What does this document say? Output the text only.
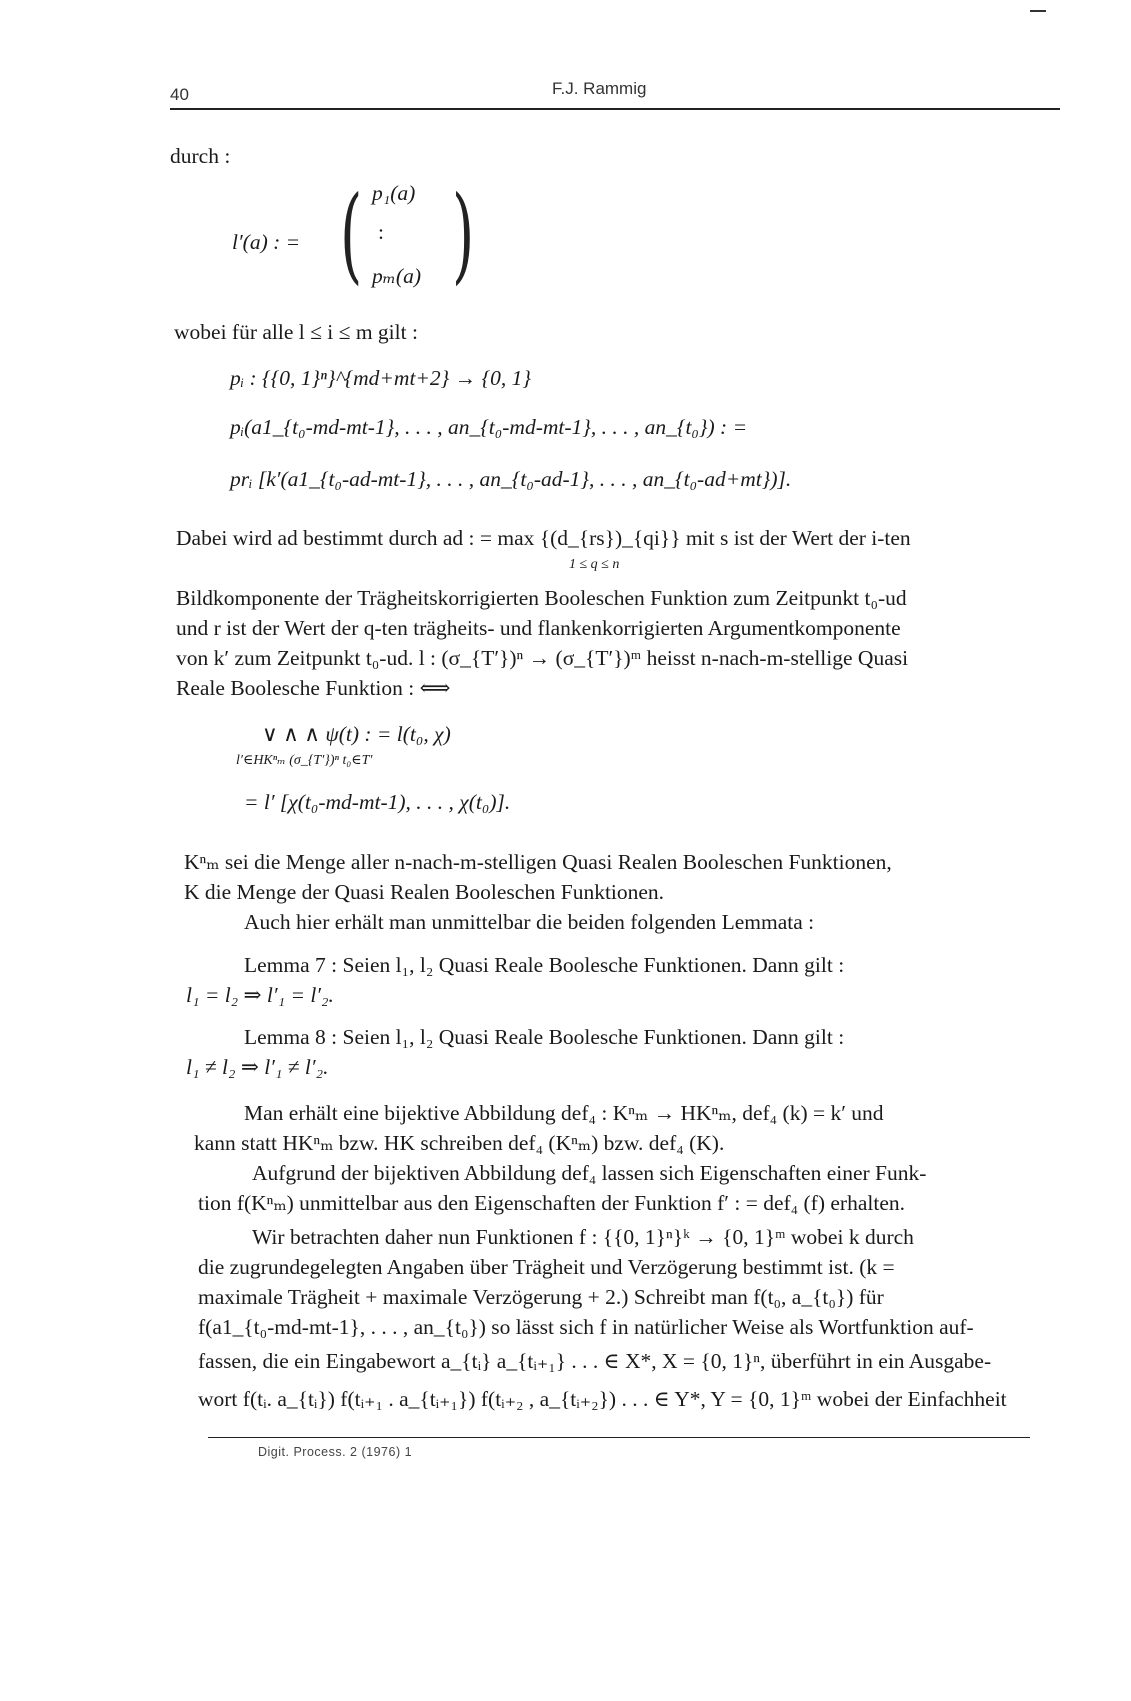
40	F.J. Rammig
durch :
l′(a) : = ( )
p₁(a)
:
pₘ(a)
wobei für alle l ≤ i ≤ m gilt :
pᵢ : {{0, 1}ⁿ}^{md+mt+2} → {0, 1}
pᵢ(a1_{t₀-md-mt-1}, . . . , an_{t₀-md-mt-1}, . . . , an_{t₀}) : =
prᵢ [k′(a1_{t₀-ad-mt-1}, . . . , an_{t₀-ad-1}, . . . , an_{t₀-ad+mt})].
Dabei wird ad bestimmt durch ad : = max {(d_{rs})_{qi}} mit s ist der Wert der i-ten
1 ≤ q ≤ n
Bildkomponente der Trägheitskorrigierten Booleschen Funktion zum Zeitpunkt t₀-ud
und r ist der Wert der q-ten trägheits- und flankenkorrigierten Argumentkomponente
von k′ zum Zeitpunkt t₀-ud. l : (σ_{T′})ⁿ → (σ_{T′})ᵐ heisst n-nach-m-stellige Quasi
Reale Boolesche Funktion : ⟺
∨ ∧ ∧ ψ(t) : = l(t₀, χ)
l′∈HKⁿₘ (σ_{T′})ⁿ t₀∈T′
= l′ [χ(t₀-md-mt-1), . . . , χ(t₀)].
Kⁿₘ sei die Menge aller n-nach-m-stelligen Quasi Realen Booleschen Funktionen,
K die Menge der Quasi Realen Booleschen Funktionen.
Auch hier erhält man unmittelbar die beiden folgenden Lemmata :
Lemma 7 : Seien l₁, l₂ Quasi Reale Boolesche Funktionen. Dann gilt :
l₁ = l₂ ⇒ l′₁ = l′₂.
Lemma 8 : Seien l₁, l₂ Quasi Reale Boolesche Funktionen. Dann gilt :
l₁ ≠ l₂ ⇒ l′₁ ≠ l′₂.
Man erhält eine bijektive Abbildung def₄ : Kⁿₘ → HKⁿₘ, def₄ (k) = k′ und
kann statt HKⁿₘ bzw. HK schreiben def₄ (Kⁿₘ) bzw. def₄ (K).
Aufgrund der bijektiven Abbildung def₄ lassen sich Eigenschaften einer Funk-
tion f(Kⁿₘ) unmittelbar aus den Eigenschaften der Funktion f′ : = def₄ (f) erhalten.
Wir betrachten daher nun Funktionen f : {{0, 1}ⁿ}ᵏ → {0, 1}ᵐ wobei k durch
die zugrundegelegten Angaben über Trägheit und Verzögerung bestimmt ist. (k =
maximale Trägheit + maximale Verzögerung + 2.) Schreibt man f(t₀, a_{t₀}) für
f(a1_{t₀-md-mt-1}, . . . , an_{t₀}) so lässt sich f in natürlicher Weise als Wortfunktion auf-
fassen, die ein Eingabewort a_{tᵢ} a_{tᵢ₊₁} . . . ∈ X*, X = {0, 1}ⁿ, überführt in ein Ausgabe-
wort f(tᵢ. a_{tᵢ}) f(tᵢ₊₁ . a_{tᵢ₊₁}) f(tᵢ₊₂ , a_{tᵢ₊₂}) . . . ∈ Y*, Y = {0, 1}ᵐ wobei der Einfachheit
Digit. Process. 2 (1976) 1
